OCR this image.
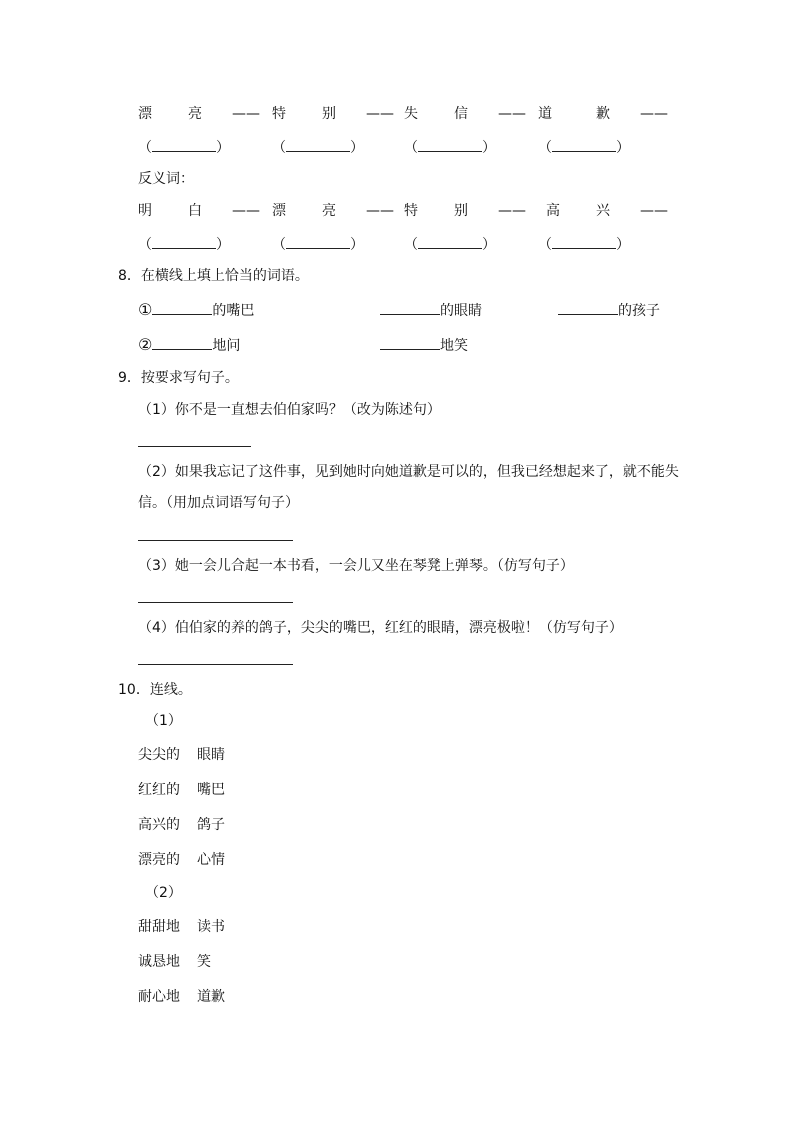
漂	亮 —— 特	别 —— 失	信 —— 道	歉 ——
（	）	（	）	（	）	（	）
反义词：
明	白 —— 漂	亮 —— 特	别 ——	高	兴 ——
（	）	（	）	（	）	（	）
8．在横线上填上恰当的词语。
①	的嘴巴	的眼睛	的孩子
②	地问	地笑
9．按要求写句子。
（1）你不是一直想去伯伯家吗？（改为陈述句）
（2）如果我忘记了这件事，见到她时向她道歉是可以的，但我已经想起来了，就不能失
信。（用加点词语写句子）
（3）她一会儿合起一本书看，一会儿又坐在琴凳上弹琴。（仿写句子）
（4）伯伯家的养的鸽子，尖尖的嘴巴，红红的眼睛，漂亮极啦！（仿写句子）
10．连线。
（1）
尖尖的 眼睛
红红的 嘴巴
高兴的 鸽子
漂亮的 心情
（2）
甜甜地 读书
诚恳地 笑
耐心地 道歉
